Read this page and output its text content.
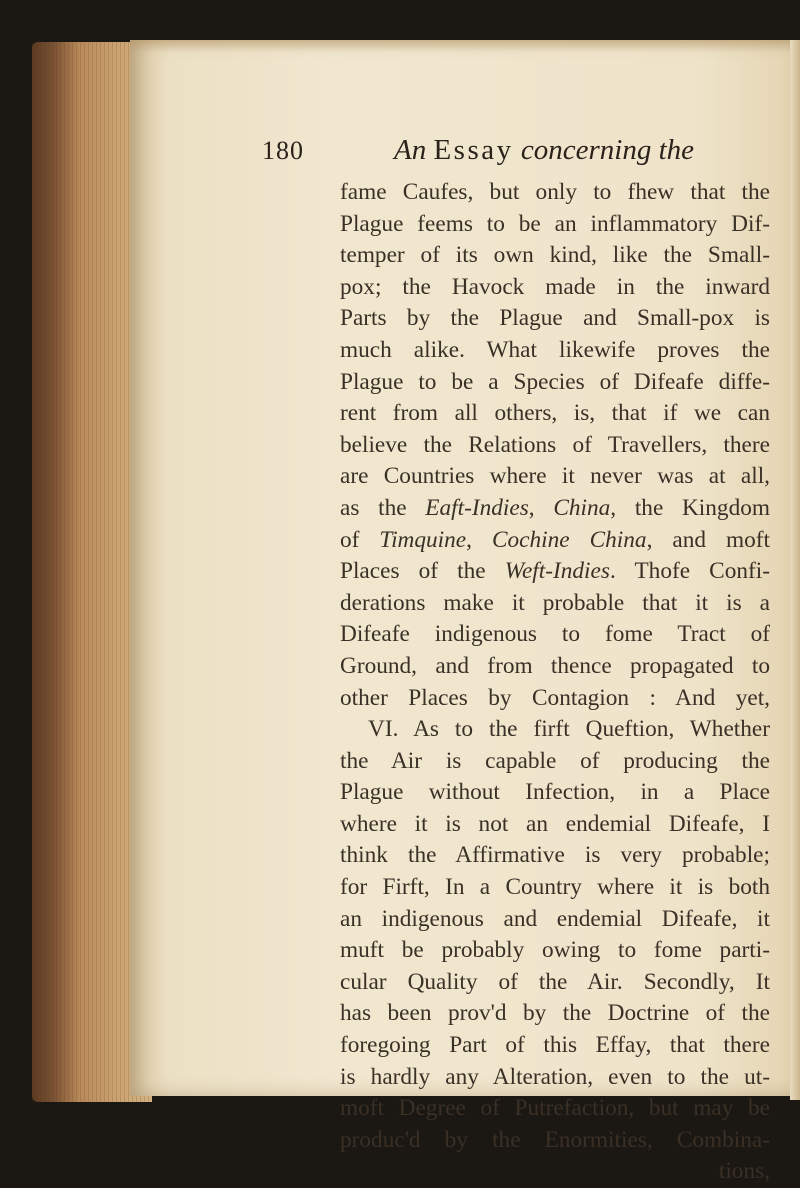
180	An Essay concerning the
fame Caufes, but only to fhew that the
Plague feems to be an inflammatory Dif-
temper of its own kind, like the Small-
pox; the Havock made in the inward
Parts by the Plague and Small-pox is
much alike. What likewife proves the
Plague to be a Species of Difeafe diffe-
rent from all others, is, that if we can
believe the Relations of Travellers, there
are Countries where it never was at all,
as the Eaft-Indies, China, the Kingdom
of Timquine, Cochine China, and moft
Places of the Weft-Indies. Thofe Confi-
derations make it probable that it is a
Difeafe indigenous to fome Tract of
Ground, and from thence propagated to
other Places by Contagion : And yet,
VI. As to the firft Queftion, Whether
the Air is capable of producing the
Plague without Infection, in a Place
where it is not an endemial Difeafe, I
think the Affirmative is very probable;
for Firft, In a Country where it is both
an indigenous and endemial Difeafe, it
muft be probably owing to fome parti-
cular Quality of the Air. Secondly, It
has been prov'd by the Doctrine of the
foregoing Part of this Effay, that there
is hardly any Alteration, even to the ut-
moft Degree of Putrefaction, but may be
produc'd by the Enormities, Combina-
tions,
